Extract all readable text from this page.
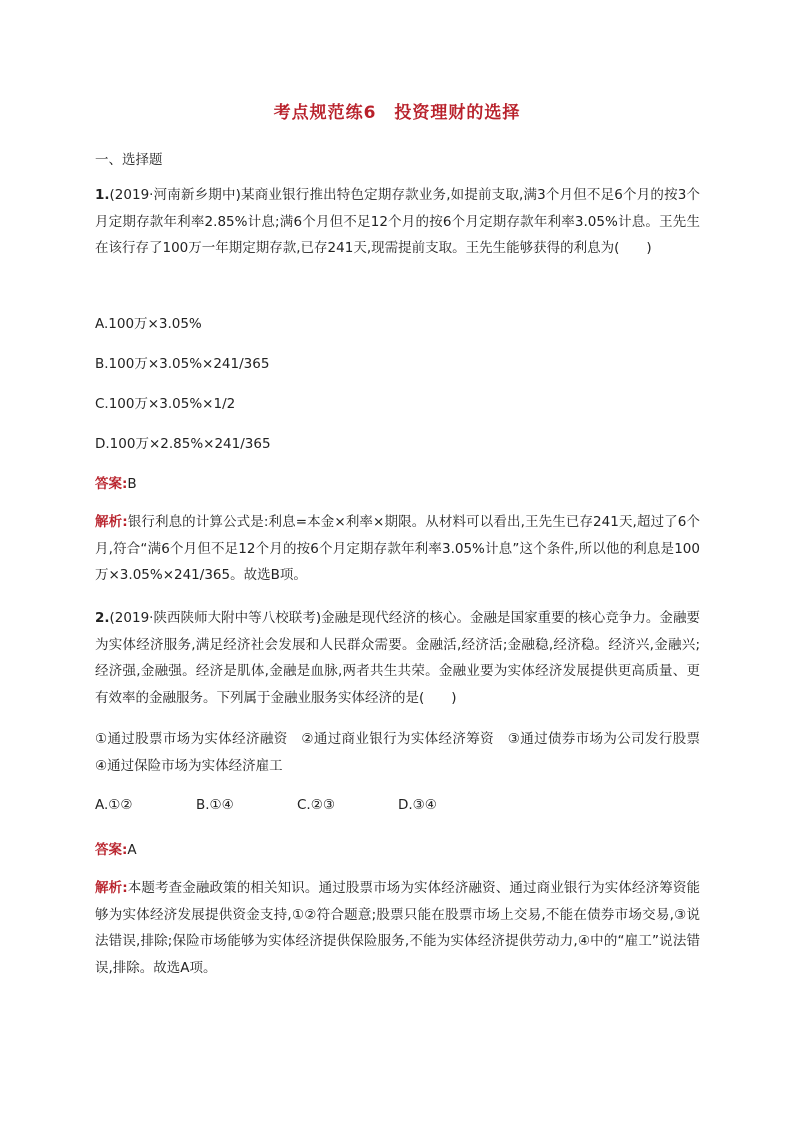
考点规范练6　投资理财的选择
一、选择题
1.(2019·河南新乡期中)某商业银行推出特色定期存款业务,如提前支取,满3个月但不足6个月的按3个月定期存款年利率2.85%计息;满6个月但不足12个月的按6个月定期存款年利率3.05%计息。王先生在该行存了100万一年期定期存款,已存241天,现需提前支取。王先生能够获得的利息为(　　)
A.100万×3.05%
B.100万×3.05%×241/365
C.100万×3.05%×1/2
D.100万×2.85%×241/365
答案:B
解析:银行利息的计算公式是:利息=本金×利率×期限。从材料可以看出,王先生已存241天,超过了6个月,符合“满6个月但不足12个月的按6个月定期存款年利率3.05%计息”这个条件,所以他的利息是100万×3.05%×241/365。故选B项。
2.(2019·陕西陕师大附中等八校联考)金融是现代经济的核心。金融是国家重要的核心竞争力。金融要为实体经济服务,满足经济社会发展和人民群众需要。金融活,经济活;金融稳,经济稳。经济兴,金融兴;经济强,金融强。经济是肌体,金融是血脉,两者共生共荣。金融业要为实体经济发展提供更高质量、更有效率的金融服务。下列属于金融业服务实体经济的是(　　)
①通过股票市场为实体经济融资　②通过商业银行为实体经济筹资　③通过债券市场为公司发行股票　④通过保险市场为实体经济雇工
A.①②	B.①④	C.②③	D.③④
答案:A
解析:本题考查金融政策的相关知识。通过股票市场为实体经济融资、通过商业银行为实体经济筹资能够为实体经济发展提供资金支持,①②符合题意;股票只能在股票市场上交易,不能在债券市场交易,③说法错误,排除;保险市场能够为实体经济提供保险服务,不能为实体经济提供劳动力,④中的“雇工”说法错误,排除。故选A项。
